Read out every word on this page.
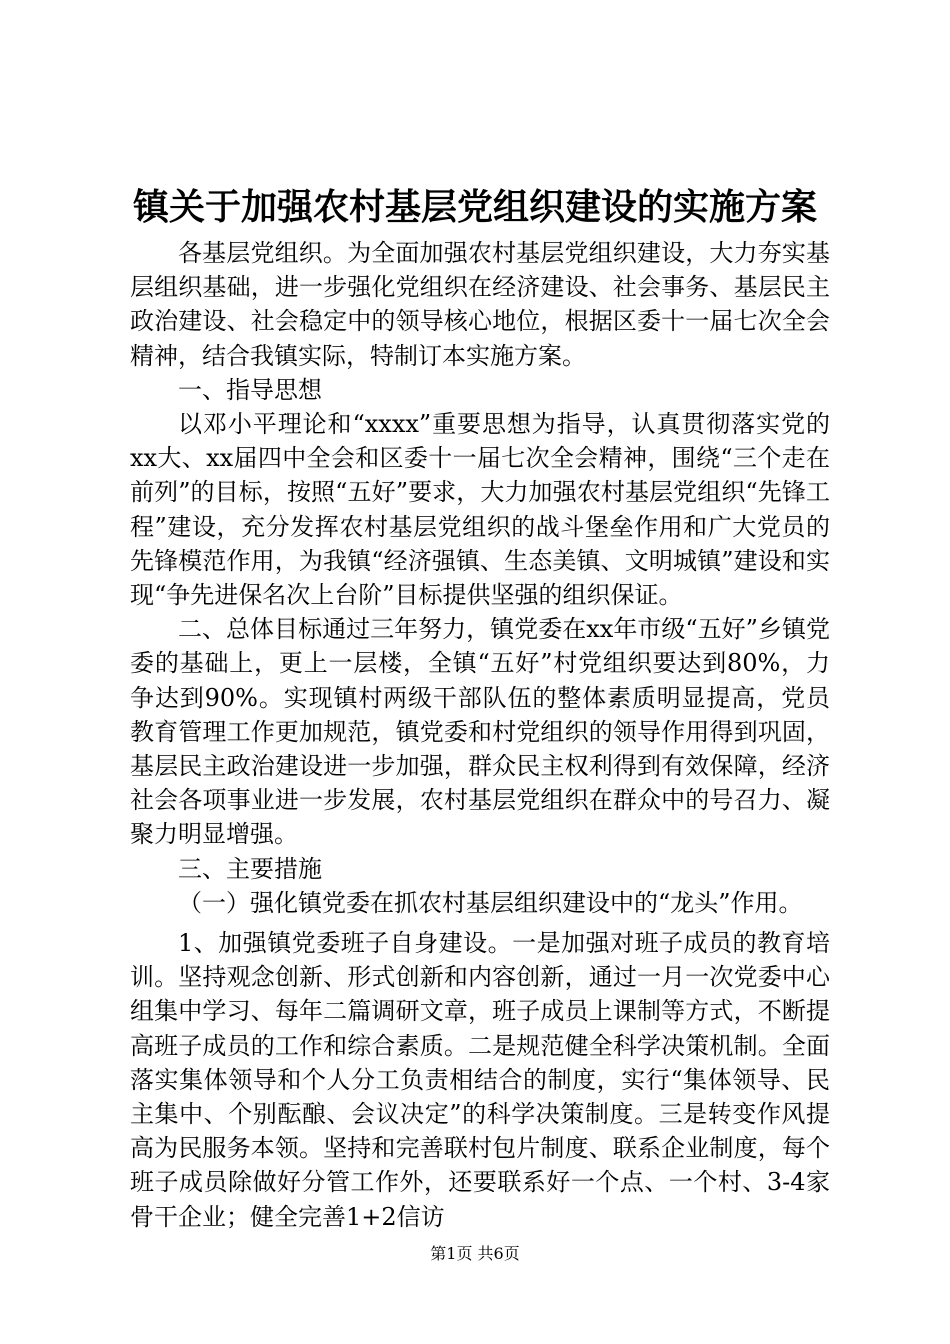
镇关于加强农村基层党组织建设的实施方案

各基层党组织。为全面加强农村基层党组织建设，大力夯实基层组织基础，进一步强化党组织在经济建设、社会事务、基层民主政治建设、社会稳定中的领导核心地位，根据区委十一届七次全会精神，结合我镇实际，特制订本实施方案。

一、指导思想

以邓小平理论和“xxxx”重要思想为指导，认真贯彻落实党的xx大、xx届四中全会和区委十一届七次全会精神，围绕“三个走在前列”的目标，按照“五好”要求，大力加强农村基层党组织“先锋工程”建设，充分发挥农村基层党组织的战斗堡垒作用和广大党员的先锋模范作用，为我镇“经济强镇、生态美镇、文明城镇”建设和实现“争先进保名次上台阶”目标提供坚强的组织保证。

二、总体目标通过三年努力，镇党委在xx年市级“五好”乡镇党委的基础上，更上一层楼，全镇“五好”村党组织要达到80%，力争达到90%。实现镇村两级干部队伍的整体素质明显提高，党员教育管理工作更加规范，镇党委和村党组织的领导作用得到巩固，基层民主政治建设进一步加强，群众民主权利得到有效保障，经济社会各项事业进一步发展，农村基层党组织在群众中的号召力、凝聚力明显增强。

三、主要措施

（一）强化镇党委在抓农村基层组织建设中的“龙头”作用。

1、加强镇党委班子自身建设。一是加强对班子成员的教育培训。坚持观念创新、形式创新和内容创新，通过一月一次党委中心组集中学习、每年二篇调研文章，班子成员上课制等方式，不断提高班子成员的工作和综合素质。二是规范健全科学决策机制。全面落实集体领导和个人分工负责相结合的制度，实行“集体领导、民主集中、个别酝酿、会议决定”的科学决策制度。三是转变作风提高为民服务本领。坚持和完善联村包片制度、联系企业制度，每个班子成员除做好分管工作外，还要联系好一个点、一个村、3-4家骨干企业；健全完善1+2信访

第1页 共6页
